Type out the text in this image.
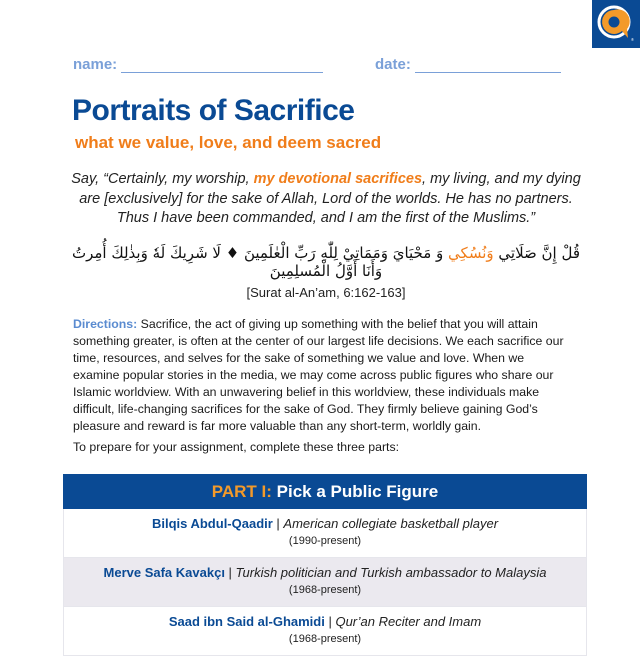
®
name:	date:
Portraits of Sacrifice
what we value, love, and deem sacred
Say, “Certainly, my worship, my devotional sacrifices, my living, and my dying
are [exclusively] for the sake of Allah, Lord of the worlds. He has no partners.
Thus I have been commanded, and I am the first of the Muslims.”
قُلْ إِنَّ صَلَاتِي وَنُسُكِي وَ مَحْيَايَ وَمَمَاتِيْ لِلّٰهِ رَبِّ الْعٰلَمِينَ ♦ لَا شَرِيكَ لَهٗ وَبِذٰلِكَ أُمِرتُ وَأَنَا أَوَّلُ الْمُسلِمِينَ
[Surat al-An’am, 6:162-163]
Directions: Sacrifice, the act of giving up something with the belief that you will attain something greater, is often at the center of our largest life decisions. We each sacrifice our time, resources, and selves for the sake of something we value and love. When we examine popular stories in the media, we may come across public figures who share our Islamic worldview. With an unwavering belief in this worldview, these individuals make difficult, life-changing sacrifices for the sake of God. They firmly believe gaining God’s pleasure and reward is far more valuable than any short-term, worldly gain.
To prepare for your assignment, complete these three parts:
PART I: Pick a Public Figure
Bilqis Abdul-Qaadir | American collegiate basketball player
(1990-present)
Merve Safa Kavakçı | Turkish politician and Turkish ambassador to Malaysia
(1968-present)
Saad ibn Said al-Ghamidi | Qur’an Reciter and Imam
(1968-present)
